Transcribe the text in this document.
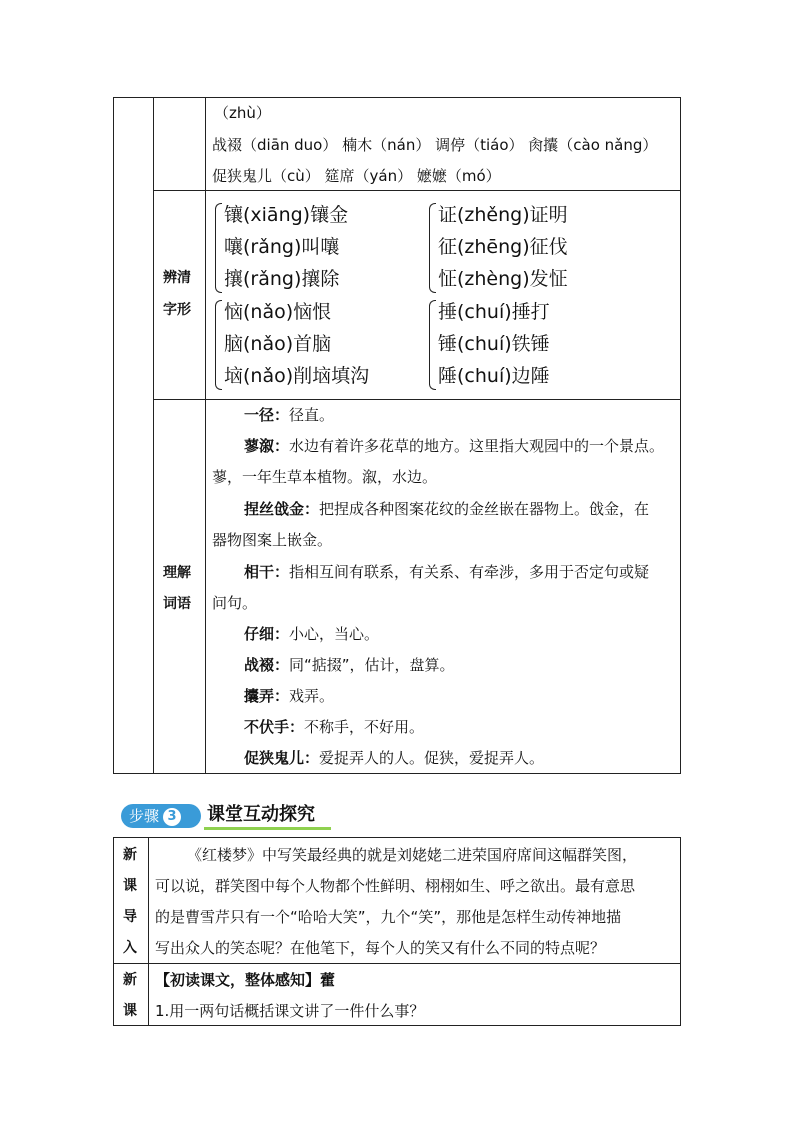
（zhù）
战裰（diān duo） 楠木（nán） 调停（tiáo） 肏攮（cào nǎng）
促狭鬼儿（cù） 筵席（yán） 嬷嬷（mó）
辨清
字形
镶(xiāng)镶金
嚷(rǎng)叫嚷
攘(rǎng)攘除
证(zhěng)证明
征(zhēng)征伐
怔(zhèng)发怔
恼(nǎo)恼恨
脑(nǎo)首脑
垴(nǎo)削垴填沟
捶(chuí)捶打
锤(chuí)铁锤
陲(chuí)边陲
理解
词语
一径：径直。
蓼溆：水边有着许多花草的地方。这里指大观园中的一个景点。
蓼，一年生草本植物。溆，水边。
捏丝戗金：把捏成各种图案花纹的金丝嵌在器物上。戗金，在
器物图案上嵌金。
相干：指相互间有联系，有关系、有牵涉，多用于否定句或疑
问句。
仔细：小心，当心。
战裰：同“掂掇”，估计，盘算。
攮弄：戏弄。
不伏手：不称手，不好用。
促狭鬼儿：爱捉弄人的人。促狭，爱捉弄人。
步骤 3	课堂互动探究
新
课
导
入
《红楼梦》中写笑最经典的就是刘姥姥二进荣国府席间这幅群笑图，
可以说，群笑图中每个人物都个性鲜明、栩栩如生、呼之欲出。最有意思
的是曹雪芹只有一个“哈哈大笑”，九个“笑”，那他是怎样生动传神地描
写出众人的笑态呢？在他笔下，每个人的笑又有什么不同的特点呢？
新
课
【初读课文，整体感知】藿
1.用一两句话概括课文讲了一件什么事？
